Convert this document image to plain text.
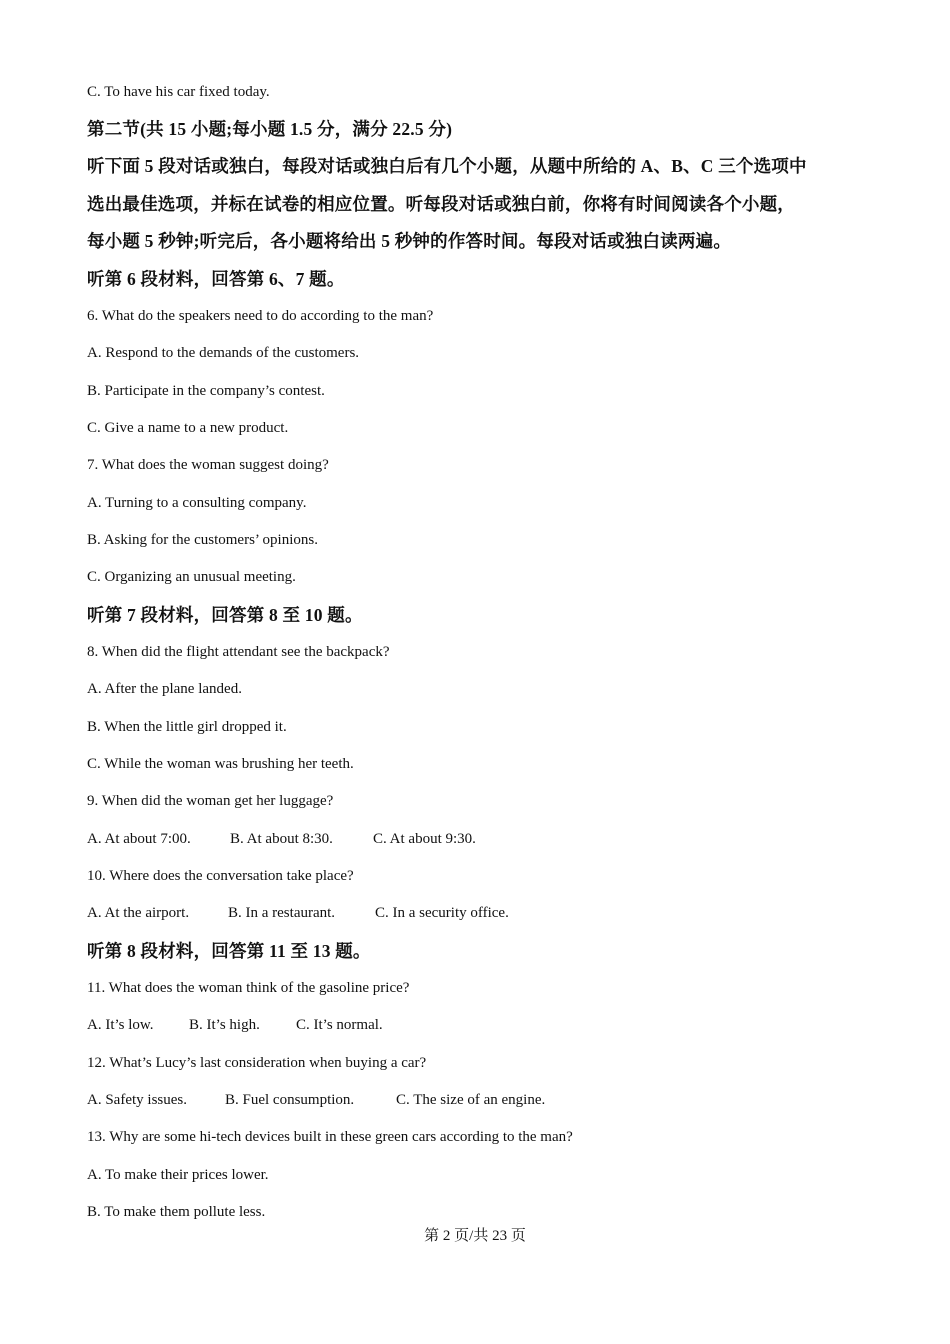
C. To have his car fixed today.
第二节(共 15 小题;每小题 1.5 分，满分 22.5 分)
听下面 5 段对话或独白，每段对话或独白后有几个小题，从题中所给的 A、B、C 三个选项中
选出最佳选项，并标在试卷的相应位置。听每段对话或独白前，你将有时间阅读各个小题，
每小题 5 秒钟;听完后，各小题将给出 5 秒钟的作答时间。每段对话或独白读两遍。
听第 6 段材料，回答第 6、7 题。
6. What do the speakers need to do according to the man?
A. Respond to the demands of the customers.
B. Participate in the company’s contest.
C. Give a name to a new product.
7. What does the woman suggest doing?
A. Turning to a consulting company.
B. Asking for the customers’ opinions.
C. Organizing an unusual meeting.
听第 7 段材料，回答第 8 至 10 题。
8. When did the flight attendant see the backpack?
A. After the plane landed.
B. When the little girl dropped it.
C. While the woman was brushing her teeth.
9. When did the woman get her luggage?
A. At about 7:00.	B. At about 8:30.	C. At about 9:30.
10. Where does the conversation take place?
A. At the airport.	B. In a restaurant.	C. In a security office.
听第 8 段材料，回答第 11 至 13 题。
11. What does the woman think of the gasoline price?
A. It’s low. B. It’s high. C. It’s normal.
12. What’s Lucy’s last consideration when buying a car?
A. Safety issues.	B. Fuel consumption.	C. The size of an engine.
13. Why are some hi-tech devices built in these green cars according to the man?
A. To make their prices lower.
B. To make them pollute less.
第 2 页/共 23 页
